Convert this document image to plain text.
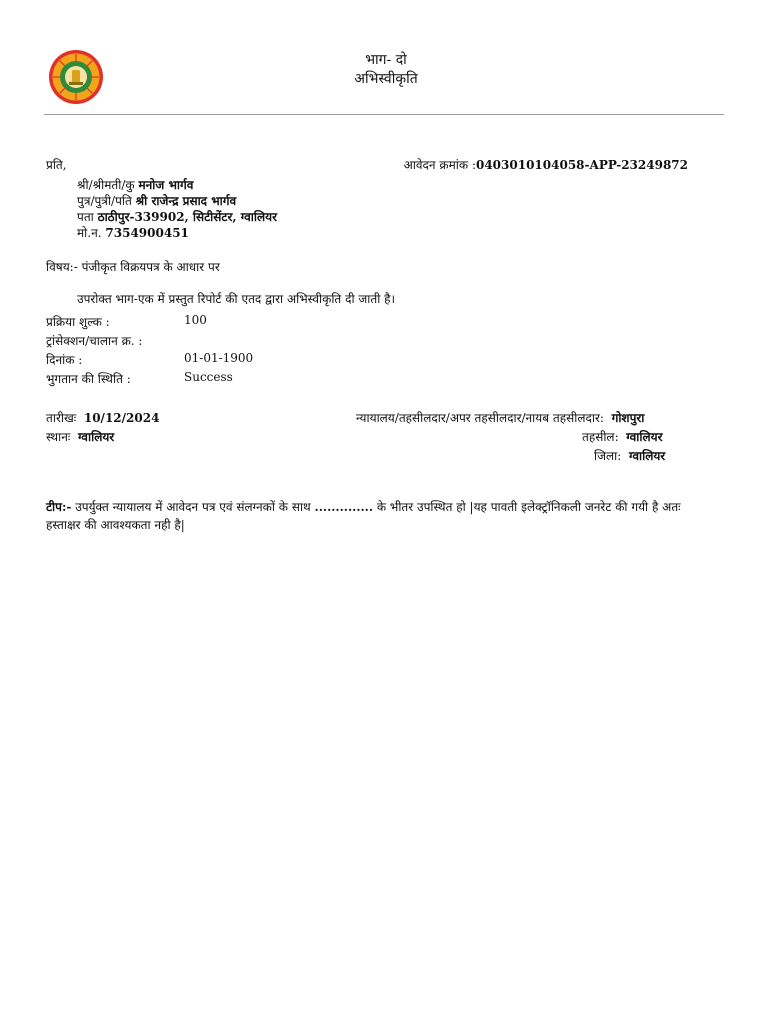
भाग- दो
अभिस्वीकृति
प्रति,
श्री/श्रीमती/कु मनोज भार्गव
पुत्र/पुत्री/पति श्री राजेन्द्र प्रसाद भार्गव
पता ठाठीपुर-339902, सिटीसेंटर, ग्वालियर
मो.न. 7354900451
आवेदन क्रमांक :0403010104058-APP-23249872
विषय:- पंजीकृत विक्रयपत्र के आधार पर
उपरोक्त भाग-एक में प्रस्तुत रिपोर्ट की एतद द्वारा अभिस्वीकृति दी जाती है।
प्रक्रिया शुल्क :	100
ट्रांसेक्शन/चालान क्र. :
दिनांक :	01-01-1900
भुगतान की स्थिति :	Success
तारीखः 10/12/2024
स्थानः ग्वालियर
न्यायालय/तहसीलदार/अपर तहसीलदार/नायब तहसीलदार: गोशपुरा
तहसील: ग्वालियर
जिला: ग्वालियर
टीप:- उपर्युक्त न्यायालय में आवेदन पत्र एवं संलग्नकों के साथ .............. के भीतर उपस्थित हो |यह पावती इलेक्ट्रॉनिकली जनरेट की गयी है अतः हस्ताक्षर की आवश्यकता नही है|
